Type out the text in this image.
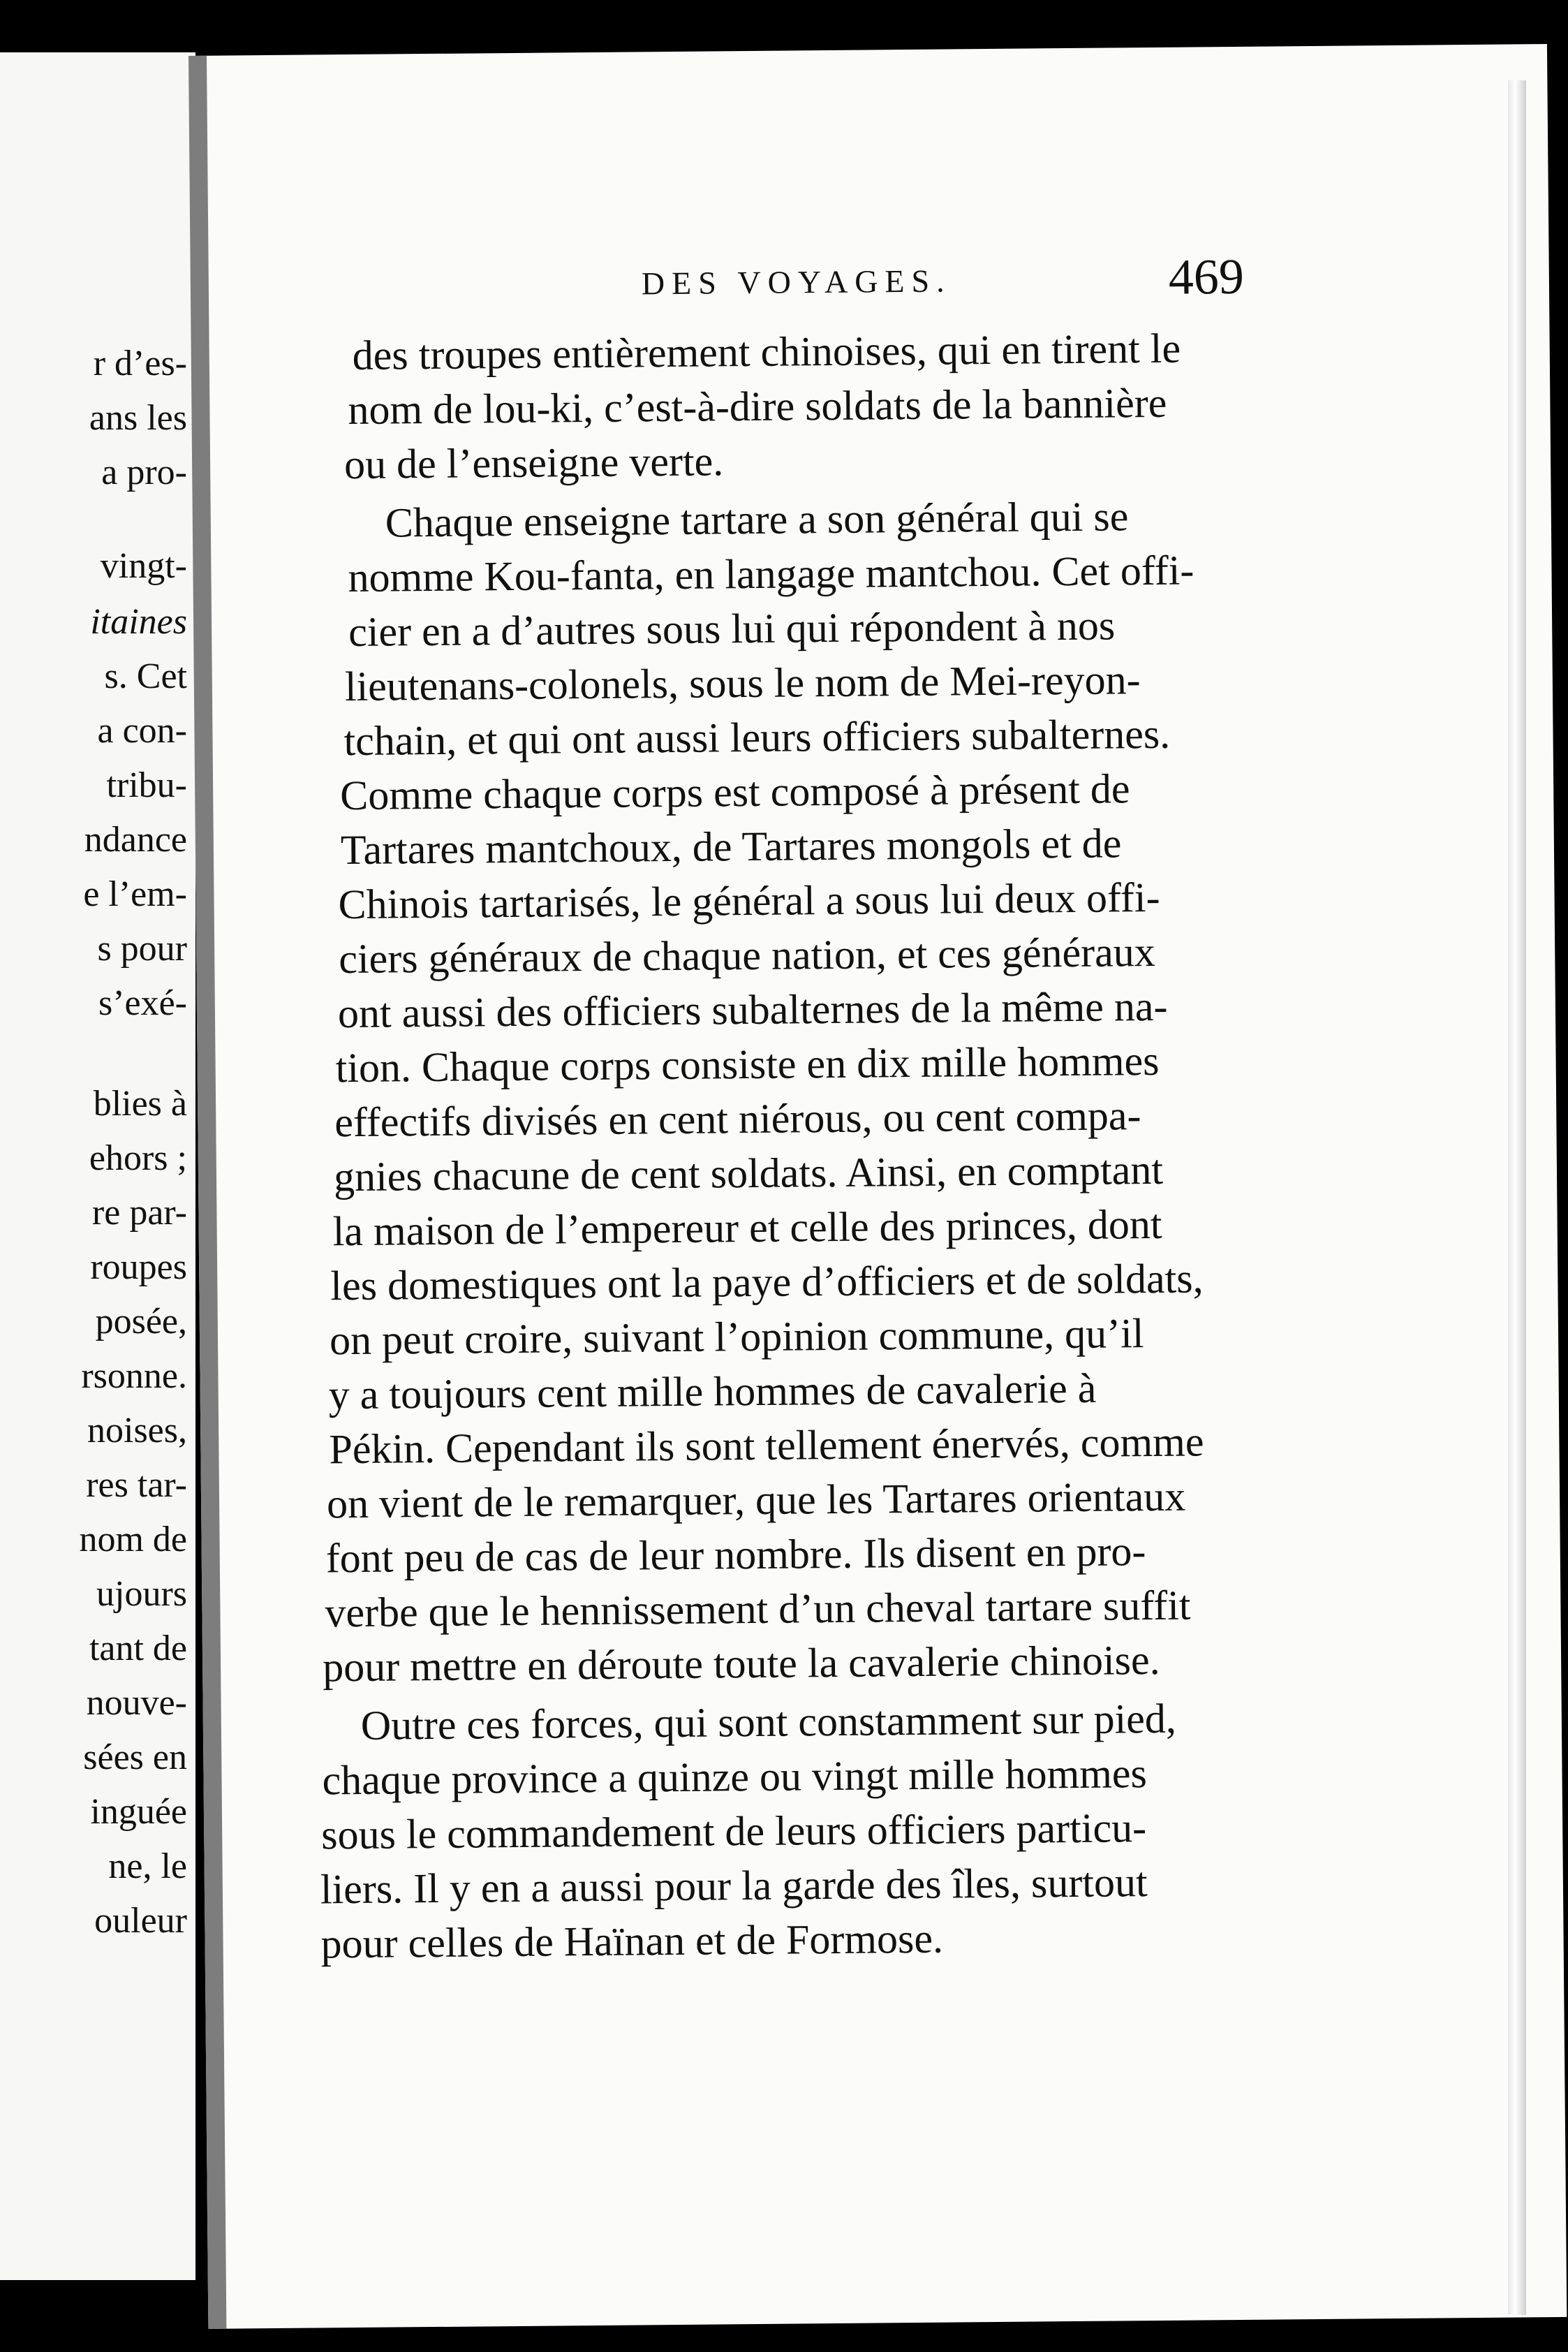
r d’es-
ans les
a pro-
vingt-
itaines
s. Cet
a con-
tribu-
ndance
e l’em-
s pour
s’exé-
blies à
ehors ;
re par-
roupes
posée,
rsonne.
noises,
res tar-
nom de
ujours
tant de
nouve-
sées en
inguée
ne, le
ouleur
DES VOYAGES.	469
des troupes entièrement chinoises, qui en tirent le
nom de lou-ki, c’est-à-dire soldats de la bannière
ou de l’enseigne verte.
Chaque enseigne tartare a son général qui se
nomme Kou-fanta, en langage mantchou. Cet offi-
cier en a d’autres sous lui qui répondent à nos
lieutenans-colonels, sous le nom de Mei-reyon-
tchain, et qui ont aussi leurs officiers subalternes.
Comme chaque corps est composé à présent de
Tartares mantchoux, de Tartares mongols et de
Chinois tartarisés, le général a sous lui deux offi-
ciers généraux de chaque nation, et ces généraux
ont aussi des officiers subalternes de la même na-
tion. Chaque corps consiste en dix mille hommes
effectifs divisés en cent niérous, ou cent compa-
gnies chacune de cent soldats. Ainsi, en comptant
la maison de l’empereur et celle des princes, dont
les domestiques ont la paye d’officiers et de soldats,
on peut croire, suivant l’opinion commune, qu’il
y a toujours cent mille hommes de cavalerie à
Pékin. Cependant ils sont tellement énervés, comme
on vient de le remarquer, que les Tartares orientaux
font peu de cas de leur nombre. Ils disent en pro-
verbe que le hennissement d’un cheval tartare suffit
pour mettre en déroute toute la cavalerie chinoise.
Outre ces forces, qui sont constamment sur pied,
chaque province a quinze ou vingt mille hommes
sous le commandement de leurs officiers particu-
liers. Il y en a aussi pour la garde des îles, surtout
pour celles de Haïnan et de Formose.
